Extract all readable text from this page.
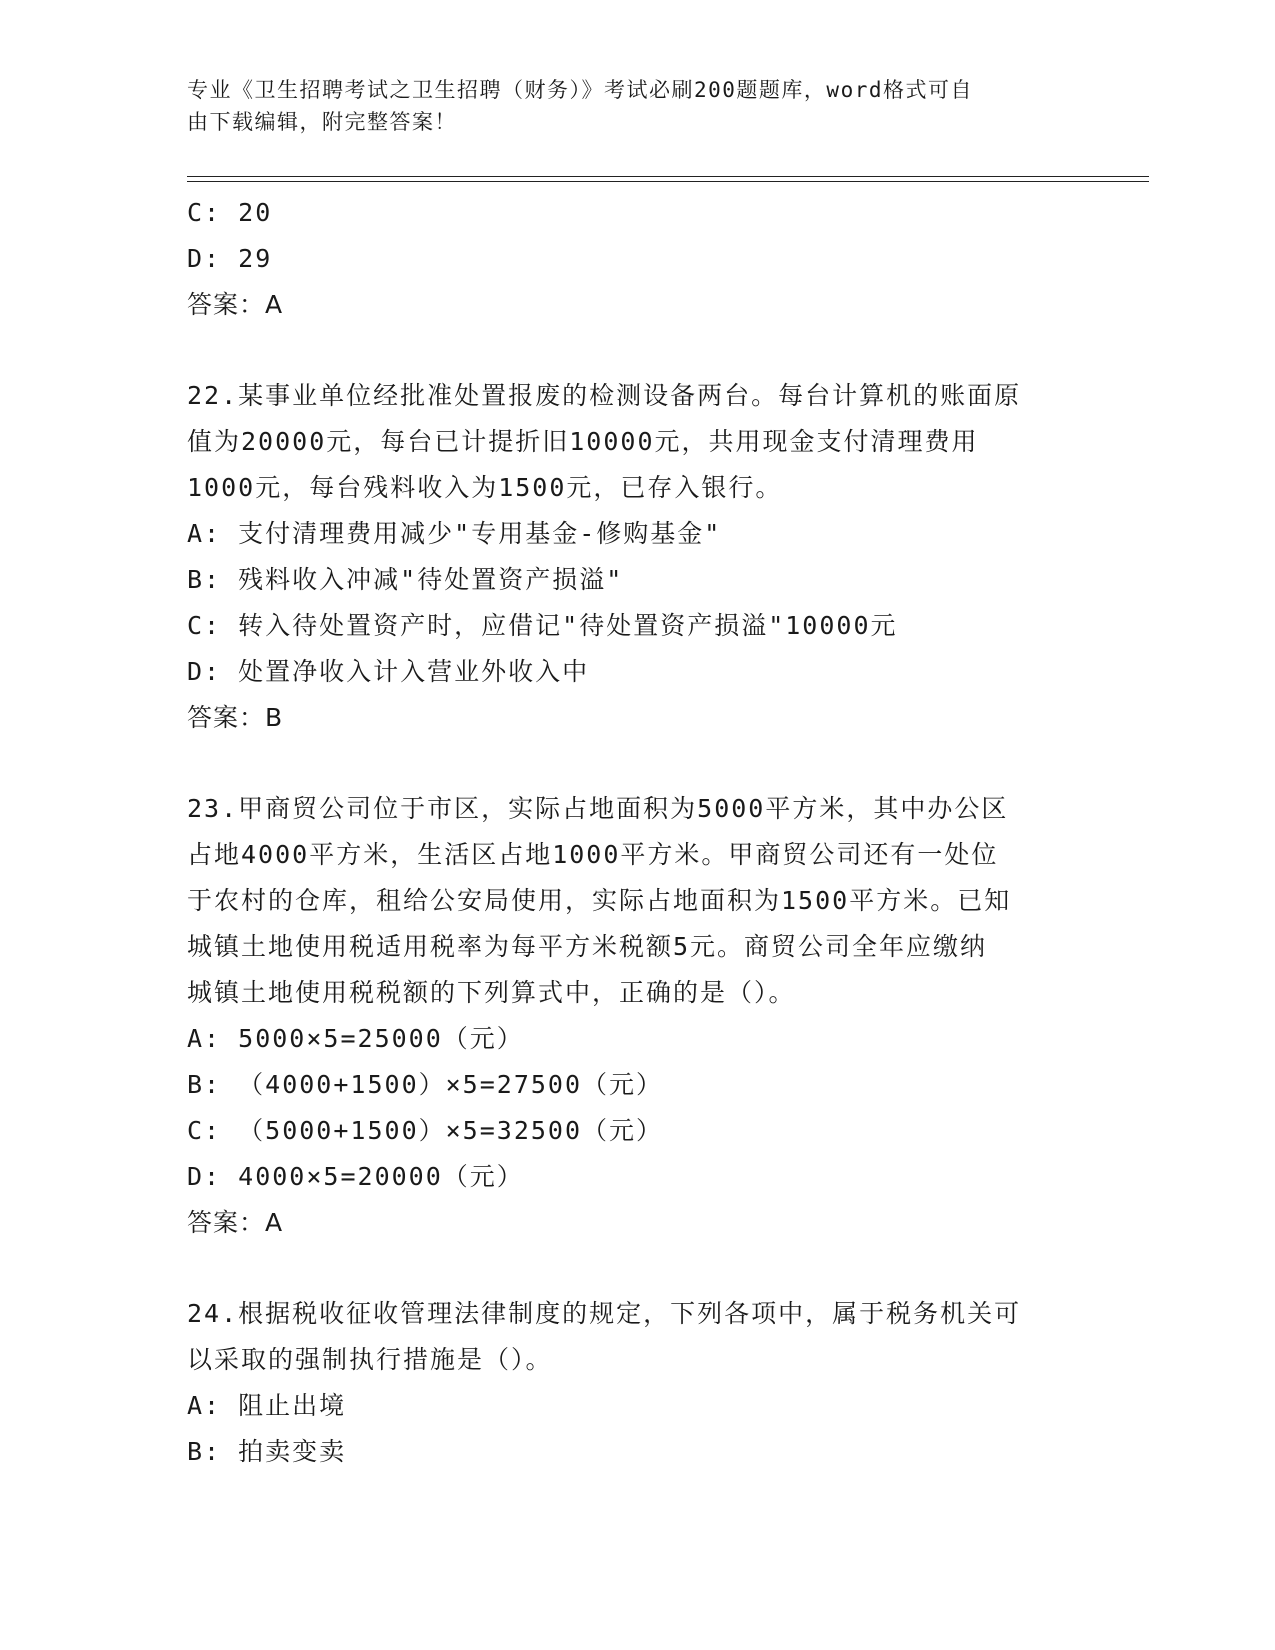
专业《卫生招聘考试之卫生招聘（财务）》考试必刷200题题库，word格式可自
由下载编辑，附完整答案！
C: 20
D: 29
答案：A
22.某事业单位经批准处置报废的检测设备两台。每台计算机的账面原
值为20000元，每台已计提折旧10000元，共用现金支付清理费用
1000元，每台残料收入为1500元，已存入银行。
A: 支付清理费用减少"专用基金-修购基金"
B: 残料收入冲减"待处置资产损溢"
C: 转入待处置资产时，应借记"待处置资产损溢"10000元
D: 处置净收入计入营业外收入中
答案：B
23.甲商贸公司位于市区，实际占地面积为5000平方米，其中办公区
占地4000平方米，生活区占地1000平方米。甲商贸公司还有一处位
于农村的仓库，租给公安局使用，实际占地面积为1500平方米。已知
城镇土地使用税适用税率为每平方米税额5元。商贸公司全年应缴纳
城镇土地使用税税额的下列算式中，正确的是（）。
A: 5000×5=25000（元）
B: （4000+1500）×5=27500（元）
C: （5000+1500）×5=32500（元）
D: 4000×5=20000（元）
答案：A
24.根据税收征收管理法律制度的规定，下列各项中，属于税务机关可
以采取的强制执行措施是（）。
A: 阻止出境
B: 拍卖变卖
